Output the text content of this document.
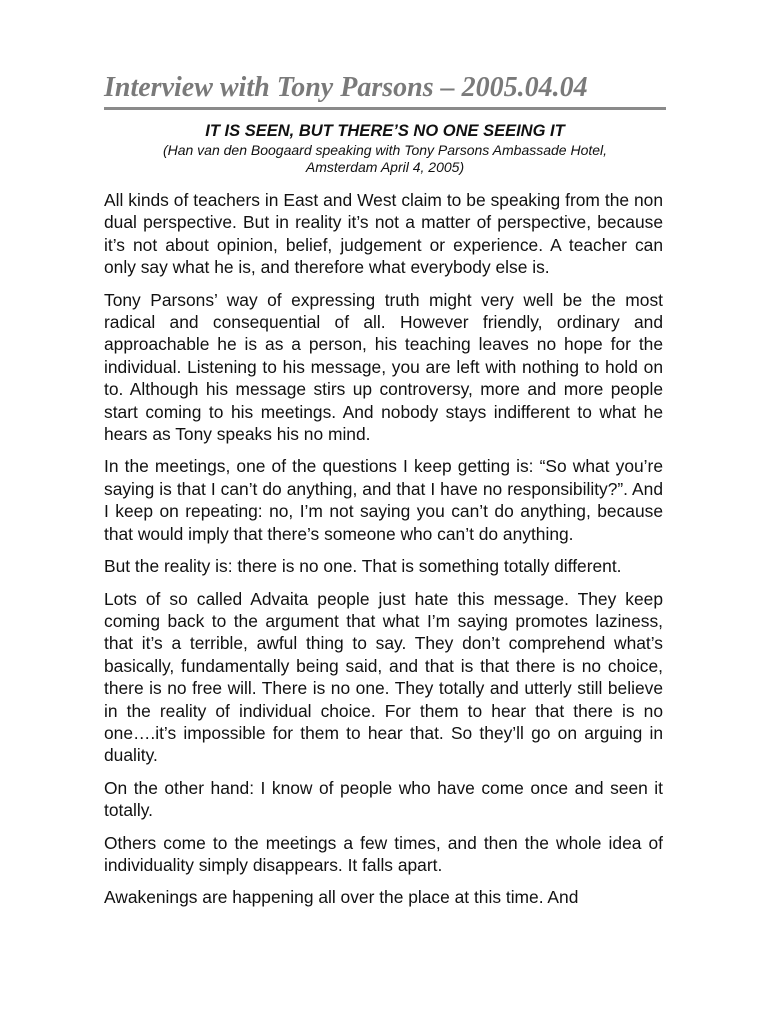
Interview with Tony Parsons – 2005.04.04
IT IS SEEN, BUT THERE’S NO ONE SEEING IT
(Han van den Boogaard speaking with Tony Parsons Ambassade Hotel,
Amsterdam April 4, 2005)

All kinds of teachers in East and West claim to be speaking from the non dual perspective. But in reality it’s not a matter of perspective, because it’s not about opinion, belief, judgement or experience. A teacher can only say what he is, and therefore what everybody else is.

Tony Parsons’ way of expressing truth might very well be the most radical and consequential of all. However friendly, ordinary and approachable he is as a person, his teaching leaves no hope for the individual. Listening to his message, you are left with nothing to hold on to. Although his message stirs up controversy, more and more people start coming to his meetings. And nobody stays indifferent to what he hears as Tony speaks his no mind.

In the meetings, one of the questions I keep getting is: “So what you’re saying is that I can’t do anything, and that I have no responsibility?”. And I keep on repeating: no, I’m not saying you can’t do anything, because that would imply that there’s someone who can’t do anything.

But the reality is: there is no one. That is something totally different.

Lots of so called Advaita people just hate this message. They keep coming back to the argument that what I’m saying promotes laziness, that it’s a terrible, awful thing to say. They don’t comprehend what’s basically, fundamentally being said, and that is that there is no choice, there is no free will. There is no one. They totally and utterly still believe in the reality of individual choice. For them to hear that there is no one….it’s impossible for them to hear that. So they’ll go on arguing in duality.

On the other hand: I know of people who have come once and seen it totally.

Others come to the meetings a few times, and then the whole idea of individuality simply disappears. It falls apart.

Awakenings are happening all over the place at this time. And
